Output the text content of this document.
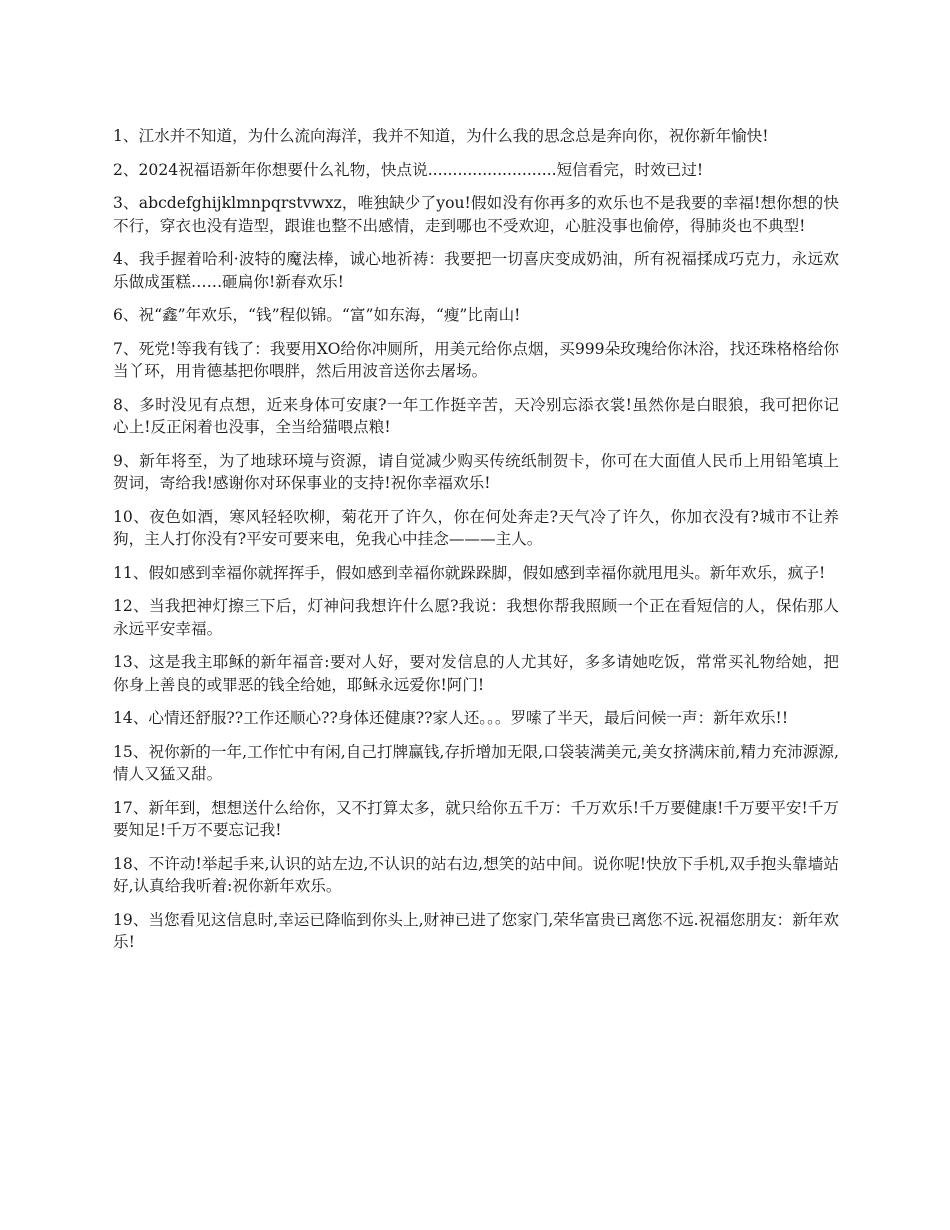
1、江水并不知道，为什么流向海洋，我并不知道，为什么我的思念总是奔向你，祝你新年愉快!

2、2024祝福语新年你想要什么礼物，快点说..........................短信看完，时效已过!

3、abcdefghijklmnpqrstvwxz，唯独缺少了you!假如没有你再多的欢乐也不是我要的幸福!想你想的快不行，穿衣也没有造型，跟谁也整不出感情，走到哪也不受欢迎，心脏没事也偷停，得肺炎也不典型!

4、我手握着哈利·波特的魔法棒，诚心地祈祷：我要把一切喜庆变成奶油，所有祝福揉成巧克力，永远欢乐做成蛋糕……砸扁你!新春欢乐!

6、祝“鑫”年欢乐，“钱”程似锦。“富”如东海，“瘦”比南山!

7、死党!等我有钱了：我要用XO给你冲厕所，用美元给你点烟，买999朵玫瑰给你沐浴，找还珠格格给你当丫环，用肯德基把你喂胖，然后用波音送你去屠场。

8、多时没见有点想，近来身体可安康?一年工作挺辛苦，天冷别忘添衣裳!虽然你是白眼狼，我可把你记心上!反正闲着也没事，全当给猫喂点粮!

9、新年将至，为了地球环境与资源，请自觉减少购买传统纸制贺卡，你可在大面值人民币上用铅笔填上贺词，寄给我!感谢你对环保事业的支持!祝你幸福欢乐!

10、夜色如酒，寒风轻轻吹柳，菊花开了许久，你在何处奔走?天气冷了许久，你加衣没有?城市不让养狗，主人打你没有?平安可要来电，免我心中挂念———主人。

11、假如感到幸福你就挥挥手，假如感到幸福你就跺跺脚，假如感到幸福你就甩甩头。新年欢乐，疯子!

12、当我把神灯擦三下后，灯神问我想许什么愿?我说：我想你帮我照顾一个正在看短信的人，保佑那人永远平安幸福。

13、这是我主耶稣的新年福音:要对人好，要对发信息的人尤其好，多多请她吃饭，常常买礼物给她，把你身上善良的或罪恶的钱全给她，耶稣永远爱你!阿门!

14、心情还舒服??工作还顺心??身体还健康??家人还。。。罗嗦了半天，最后问候一声：新年欢乐!!

15、祝你新的一年,工作忙中有闲,自己打牌赢钱,存折增加无限,口袋装满美元,美女挤满床前,精力充沛源源,情人又猛又甜。

17、新年到，想想送什么给你，又不打算太多，就只给你五千万：千万欢乐!千万要健康!千万要平安!千万要知足!千万不要忘记我!

18、不许动!举起手来,认识的站左边,不认识的站右边,想笑的站中间。说你呢!快放下手机,双手抱头靠墙站好,认真给我听着:祝你新年欢乐。

19、当您看见这信息时,幸运已降临到你头上,财神已进了您家门,荣华富贵已离您不远.祝福您朋友：新年欢乐!
